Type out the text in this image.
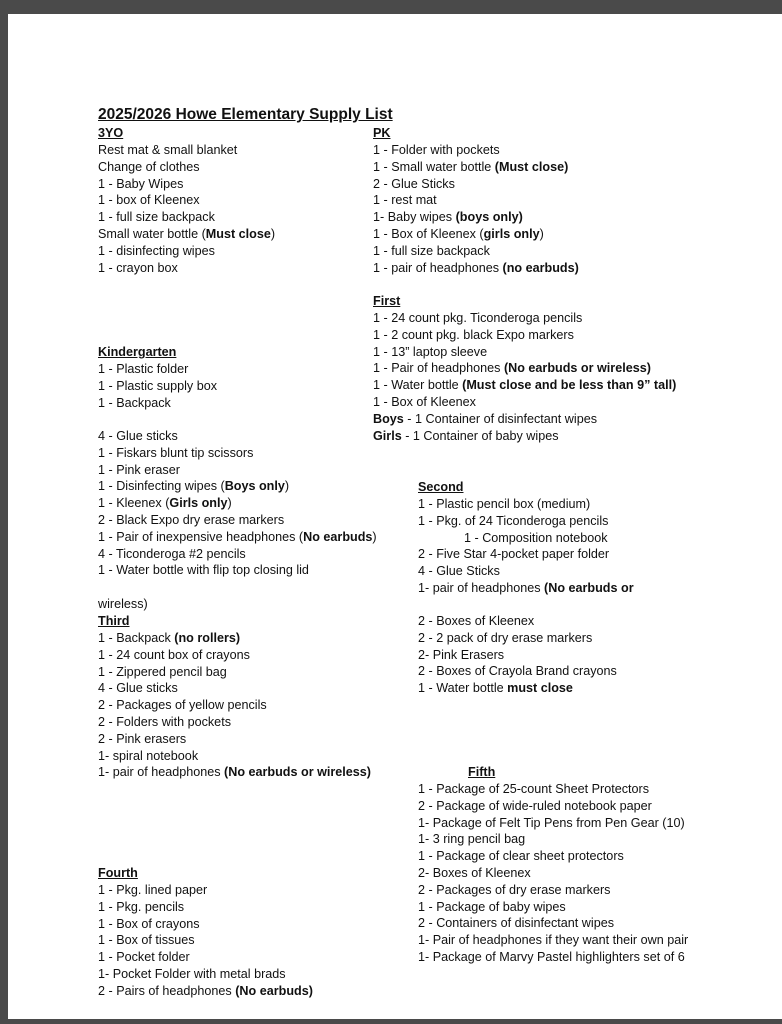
2025/2026 Howe Elementary Supply List
3YO
Rest mat & small blanket
Change of clothes
1 - Baby Wipes
1 - box of Kleenex
1 - full size backpack
Small water bottle (Must close)
1 - disinfecting wipes
1 - crayon box
PK
1 - Folder with pockets
1 - Small water bottle (Must close)
2 - Glue Sticks
1 - rest mat
1- Baby wipes (boys only)
1 - Box of Kleenex (girls only)
1 - full size backpack
1 - pair of headphones (no earbuds)
First
1 - 24 count pkg. Ticonderoga pencils
1 - 2 count pkg. black Expo markers
1 - 13” laptop sleeve
1 - Pair of headphones (No earbuds or wireless)
1 - Water bottle (Must close and be less than 9” tall)
1 - Box of Kleenex
Boys - 1 Container of disinfectant wipes
Girls - 1 Container of baby wipes
Kindergarten
1 - Plastic folder
1 - Plastic supply box
1 - Backpack
4 - Glue sticks
1 - Fiskars blunt tip scissors
1 - Pink eraser
1 - Disinfecting wipes (Boys only)
1 - Kleenex (Girls only)
2 - Black Expo dry erase markers
1 - Pair of inexpensive headphones (No earbuds)
4 - Ticonderoga #2 pencils
1 - Water bottle with flip top closing lid
Second
1 - Plastic pencil box (medium)
1 - Pkg. of 24 Ticonderoga pencils
1 - Composition notebook
2 - Five Star 4-pocket paper folder
4 - Glue Sticks
1- pair of headphones (No earbuds or
wireless)
2 - Boxes of Kleenex
2 - 2 pack of dry erase markers
2- Pink Erasers
2 - Boxes of Crayola Brand crayons
1 - Water bottle must close
Third
1 - Backpack (no rollers)
1 - 24 count box of crayons
1 - Zippered pencil bag
4 - Glue sticks
2 - Packages of yellow pencils
2 - Folders with pockets
2 - Pink erasers
1- spiral notebook
1- pair of headphones (No earbuds or wireless)	Fifth
1 - Package of 25-count Sheet Protectors
2 - Package of wide-ruled notebook paper
1- Package of Felt Tip Pens from Pen Gear (10)
1- 3 ring pencil bag
1 - Package of clear sheet protectors
2- Boxes of Kleenex
2 - Packages of dry erase markers
1 - Package of baby wipes
2 - Containers of disinfectant wipes
1- Pair of headphones if they want their own pair
1- Package of Marvy Pastel highlighters set of 6
Fourth
1 - Pkg. lined paper
1 - Pkg. pencils
1 - Box of crayons
1 - Box of tissues
1 - Pocket folder
1- Pocket Folder with metal brads
2 - Pairs of headphones (No earbuds)
